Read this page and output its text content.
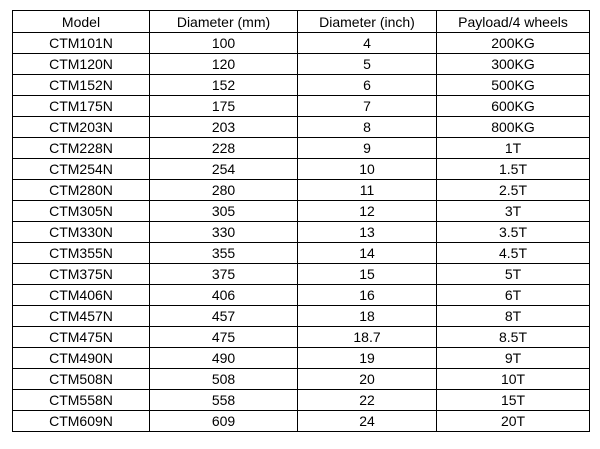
Model	Diameter (mm)	Diameter (inch)	Payload/4 wheels
CTM101N	100	4	200KG
CTM120N	120	5	300KG
CTM152N	152	6	500KG
CTM175N	175	7	600KG
CTM203N	203	8	800KG
CTM228N	228	9	1T
CTM254N	254	10	1.5T
CTM280N	280	11	2.5T
CTM305N	305	12	3T
CTM330N	330	13	3.5T
CTM355N	355	14	4.5T
CTM375N	375	15	5T
CTM406N	406	16	6T
CTM457N	457	18	8T
CTM475N	475	18.7	8.5T
CTM490N	490	19	9T
CTM508N	508	20	10T
CTM558N	558	22	15T
CTM609N	609	24	20T
